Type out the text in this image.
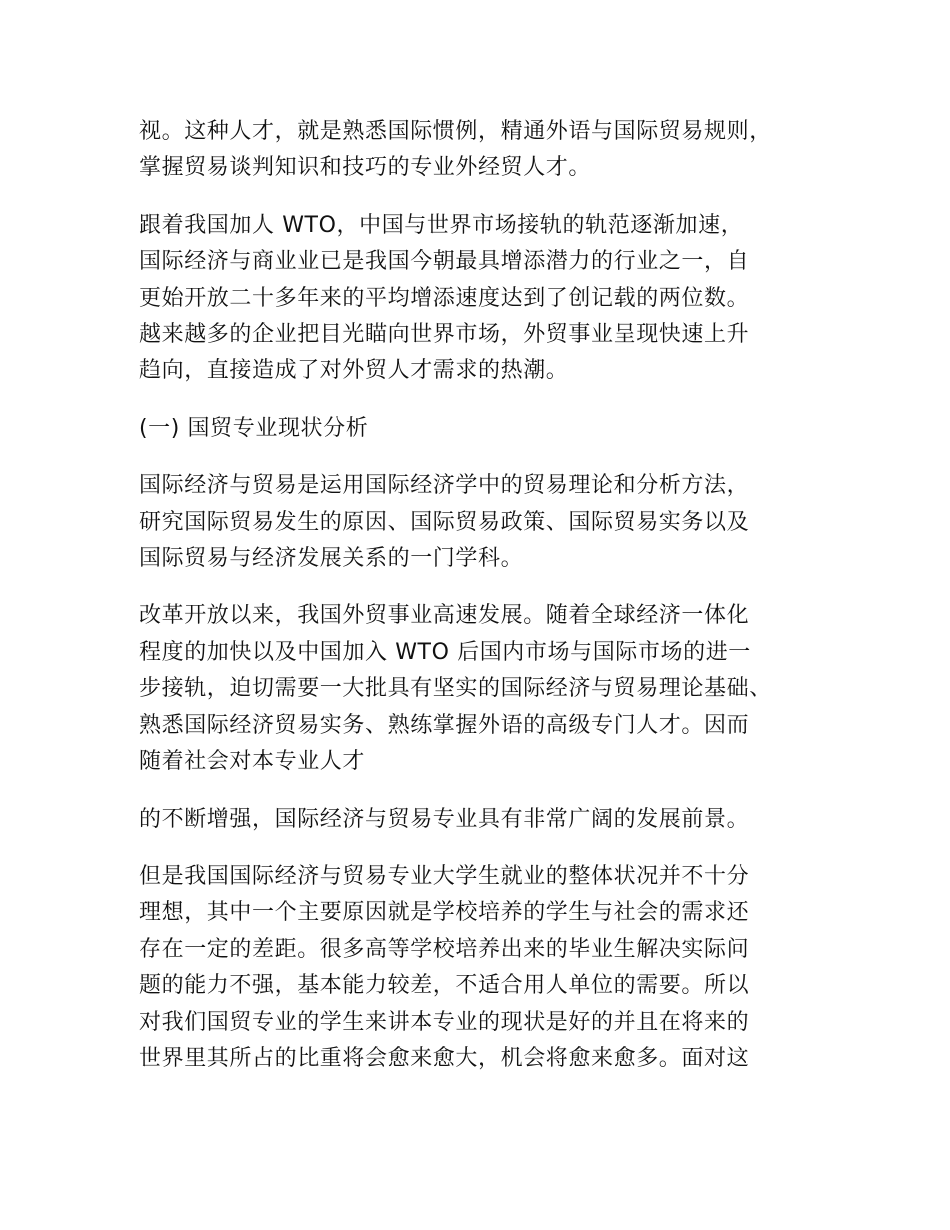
视。这种人才，就是熟悉国际惯例，精通外语与国际贸易规则，
掌握贸易谈判知识和技巧的专业外经贸人才。
跟着我国加人 WTO，中国与世界市场接轨的轨范逐渐加速，
国际经济与商业业已是我国今朝最具增添潜力的行业之一，自
更始开放二十多年来的平均增添速度达到了创记载的两位数。
越来越多的企业把目光瞄向世界市场，外贸事业呈现快速上升
趋向，直接造成了对外贸人才需求的热潮。
(一) 国贸专业现状分析
国际经济与贸易是运用国际经济学中的贸易理论和分析方法，
研究国际贸易发生的原因、国际贸易政策、国际贸易实务以及
国际贸易与经济发展关系的一门学科。
改革开放以来，我国外贸事业高速发展。随着全球经济一体化
程度的加快以及中国加入 WTO 后国内市场与国际市场的进一
步接轨，迫切需要一大批具有坚实的国际经济与贸易理论基础、
熟悉国际经济贸易实务、熟练掌握外语的高级专门人才。因而
随着社会对本专业人才
的不断增强，国际经济与贸易专业具有非常广阔的发展前景。
但是我国国际经济与贸易专业大学生就业的整体状况并不十分
理想，其中一个主要原因就是学校培养的学生与社会的需求还
存在一定的差距。很多高等学校培养出来的毕业生解决实际问
题的能力不强，基本能力较差，不适合用人单位的需要。所以
对我们国贸专业的学生来讲本专业的现状是好的并且在将来的
世界里其所占的比重将会愈来愈大，机会将愈来愈多。面对这
